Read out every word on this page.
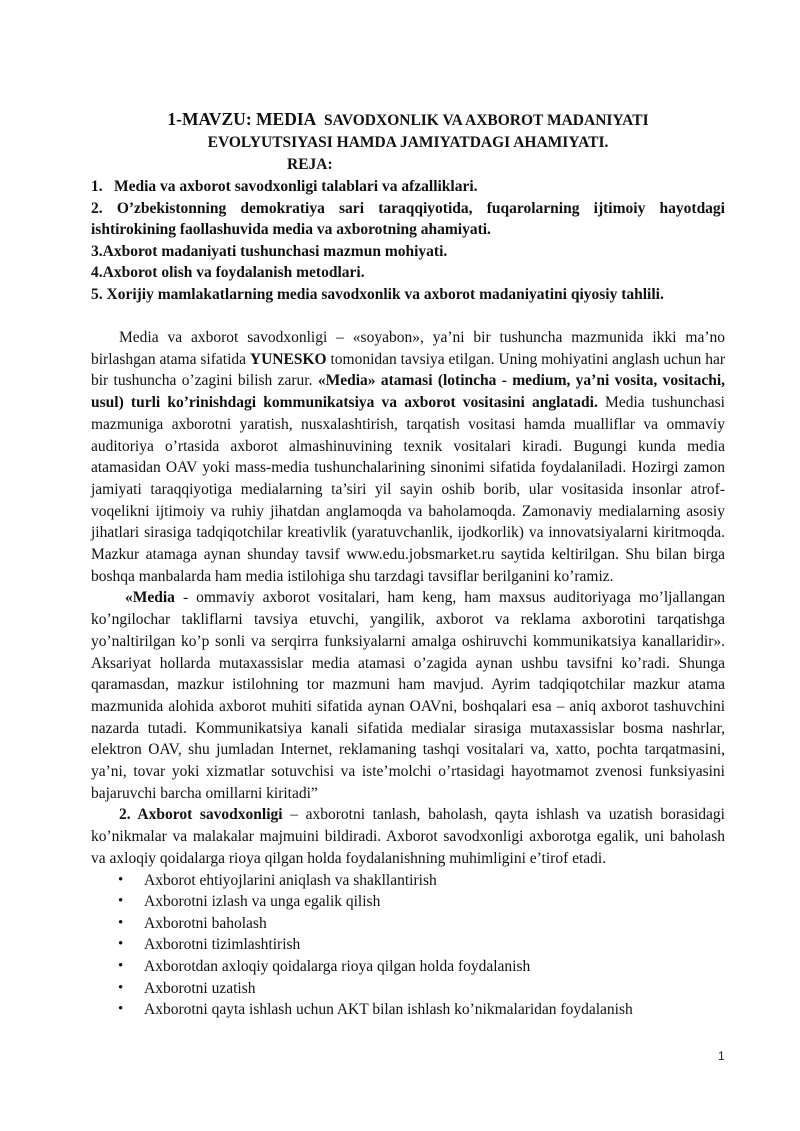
1-MAVZU: MEDIA SAVODXONLIK VA AXBOROT MADANIYATI
EVOLYUTSIYASI HAMDA JAMIYATDAGI AHAMIYATI.

REJA:

1. Media va axborot savodxonligi talablari va afzalliklari.

2. O’zbekistonning demokratiya sari taraqqiyotida, fuqarolarning ijtimoiy hayotdagi ishtirokining faollashuvida media va axborotning ahamiyati.

3.Axborot madaniyati tushunchasi mazmun mohiyati.

4.Axborot olish va foydalanish metodlari.

5. Xorijiy mamlakatlarning media savodxonlik va axborot madaniyatini qiyosiy tahlili.

Media va axborot savodxonligi – «soyabon», ya’ni bir tushuncha mazmunida ikki ma’no birlashgan atama sifatida YUNESKO tomonidan tavsiya etilgan. Uning mohiyatini anglash uchun har bir tushuncha o’zagini bilish zarur. «Media» atamasi (lotincha - medium, ya’ni vosita, vositachi, usul) turli ko’rinishdagi kommunikatsiya va axborot vositasini anglatadi. Media tushunchasi mazmuniga axborotni yaratish, nusxalashtirish, tarqatish vositasi hamda mualliflar va ommaviy auditoriya o’rtasida axborot almashinuvining texnik vositalari kiradi. Bugungi kunda media atamasidan OAV yoki mass-media tushunchalarining sinonimi sifatida foydalaniladi. Hozirgi zamon jamiyati taraqqiyotiga medialarning ta’siri yil sayin oshib borib, ular vositasida insonlar atrof-voqelikni ijtimoiy va ruhiy jihatdan anglamoqda va baholamoqda. Zamonaviy medialarning asosiy jihatlari sirasiga tadqiqotchilar kreativlik (yaratuvchanlik, ijodkorlik) va innovatsiyalarni kiritmoqda. Mazkur atamaga aynan shunday tavsif www.edu.jobsmarket.ru saytida keltirilgan. Shu bilan birga boshqa manbalarda ham media istilohiga shu tarzdagi tavsiflar berilganini ko’ramiz.

«Media - ommaviy axborot vositalari, ham keng, ham maxsus auditoriyaga mo’ljallangan ko’ngilochar takliflarni tavsiya etuvchi, yangilik, axborot va reklama axborotini tarqatishga yo’naltirilgan ko’p sonli va serqirra funksiyalarni amalga oshiruvchi kommunikatsiya kanallaridir». Aksariyat hollarda mutaxassislar media atamasi o’zagida aynan ushbu tavsifni ko’radi. Shunga qaramasdan, mazkur istilohning tor mazmuni ham mavjud. Ayrim tadqiqotchilar mazkur atama mazmunida alohida axborot muhiti sifatida aynan OAVni, boshqalari esa – aniq axborot tashuvchini nazarda tutadi. Kommunikatsiya kanali sifatida medialar sirasiga mutaxassislar bosma nashrlar, elektron OAV, shu jumladan Internet, reklamaning tashqi vositalari va, xatto, pochta tarqatmasini, ya’ni, tovar yoki xizmatlar sotuvchisi va iste’molchi o’rtasidagi hayotmamot zvenosi funksiyasini bajaruvchi barcha omillarni kiritadi”

2. Axborot savodxonligi – axborotni tanlash, baholash, qayta ishlash va uzatish borasidagi ko’nikmalar va malakalar majmuini bildiradi. Axborot savodxonligi axborotga egalik, uni baholash va axloqiy qoidalarga rioya qilgan holda foydalanishning muhimligini e’tirof etadi.

• Axborot ehtiyojlarini aniqlash va shakllantirish
• Axborotni izlash va unga egalik qilish
• Axborotni baholash
• Axborotni tizimlashtirish
• Axborotdan axloqiy qoidalarga rioya qilgan holda foydalanish
• Axborotni uzatish
• Axborotni qayta ishlash uchun AKT bilan ishlash ko’nikmalaridan foydalanish
1
